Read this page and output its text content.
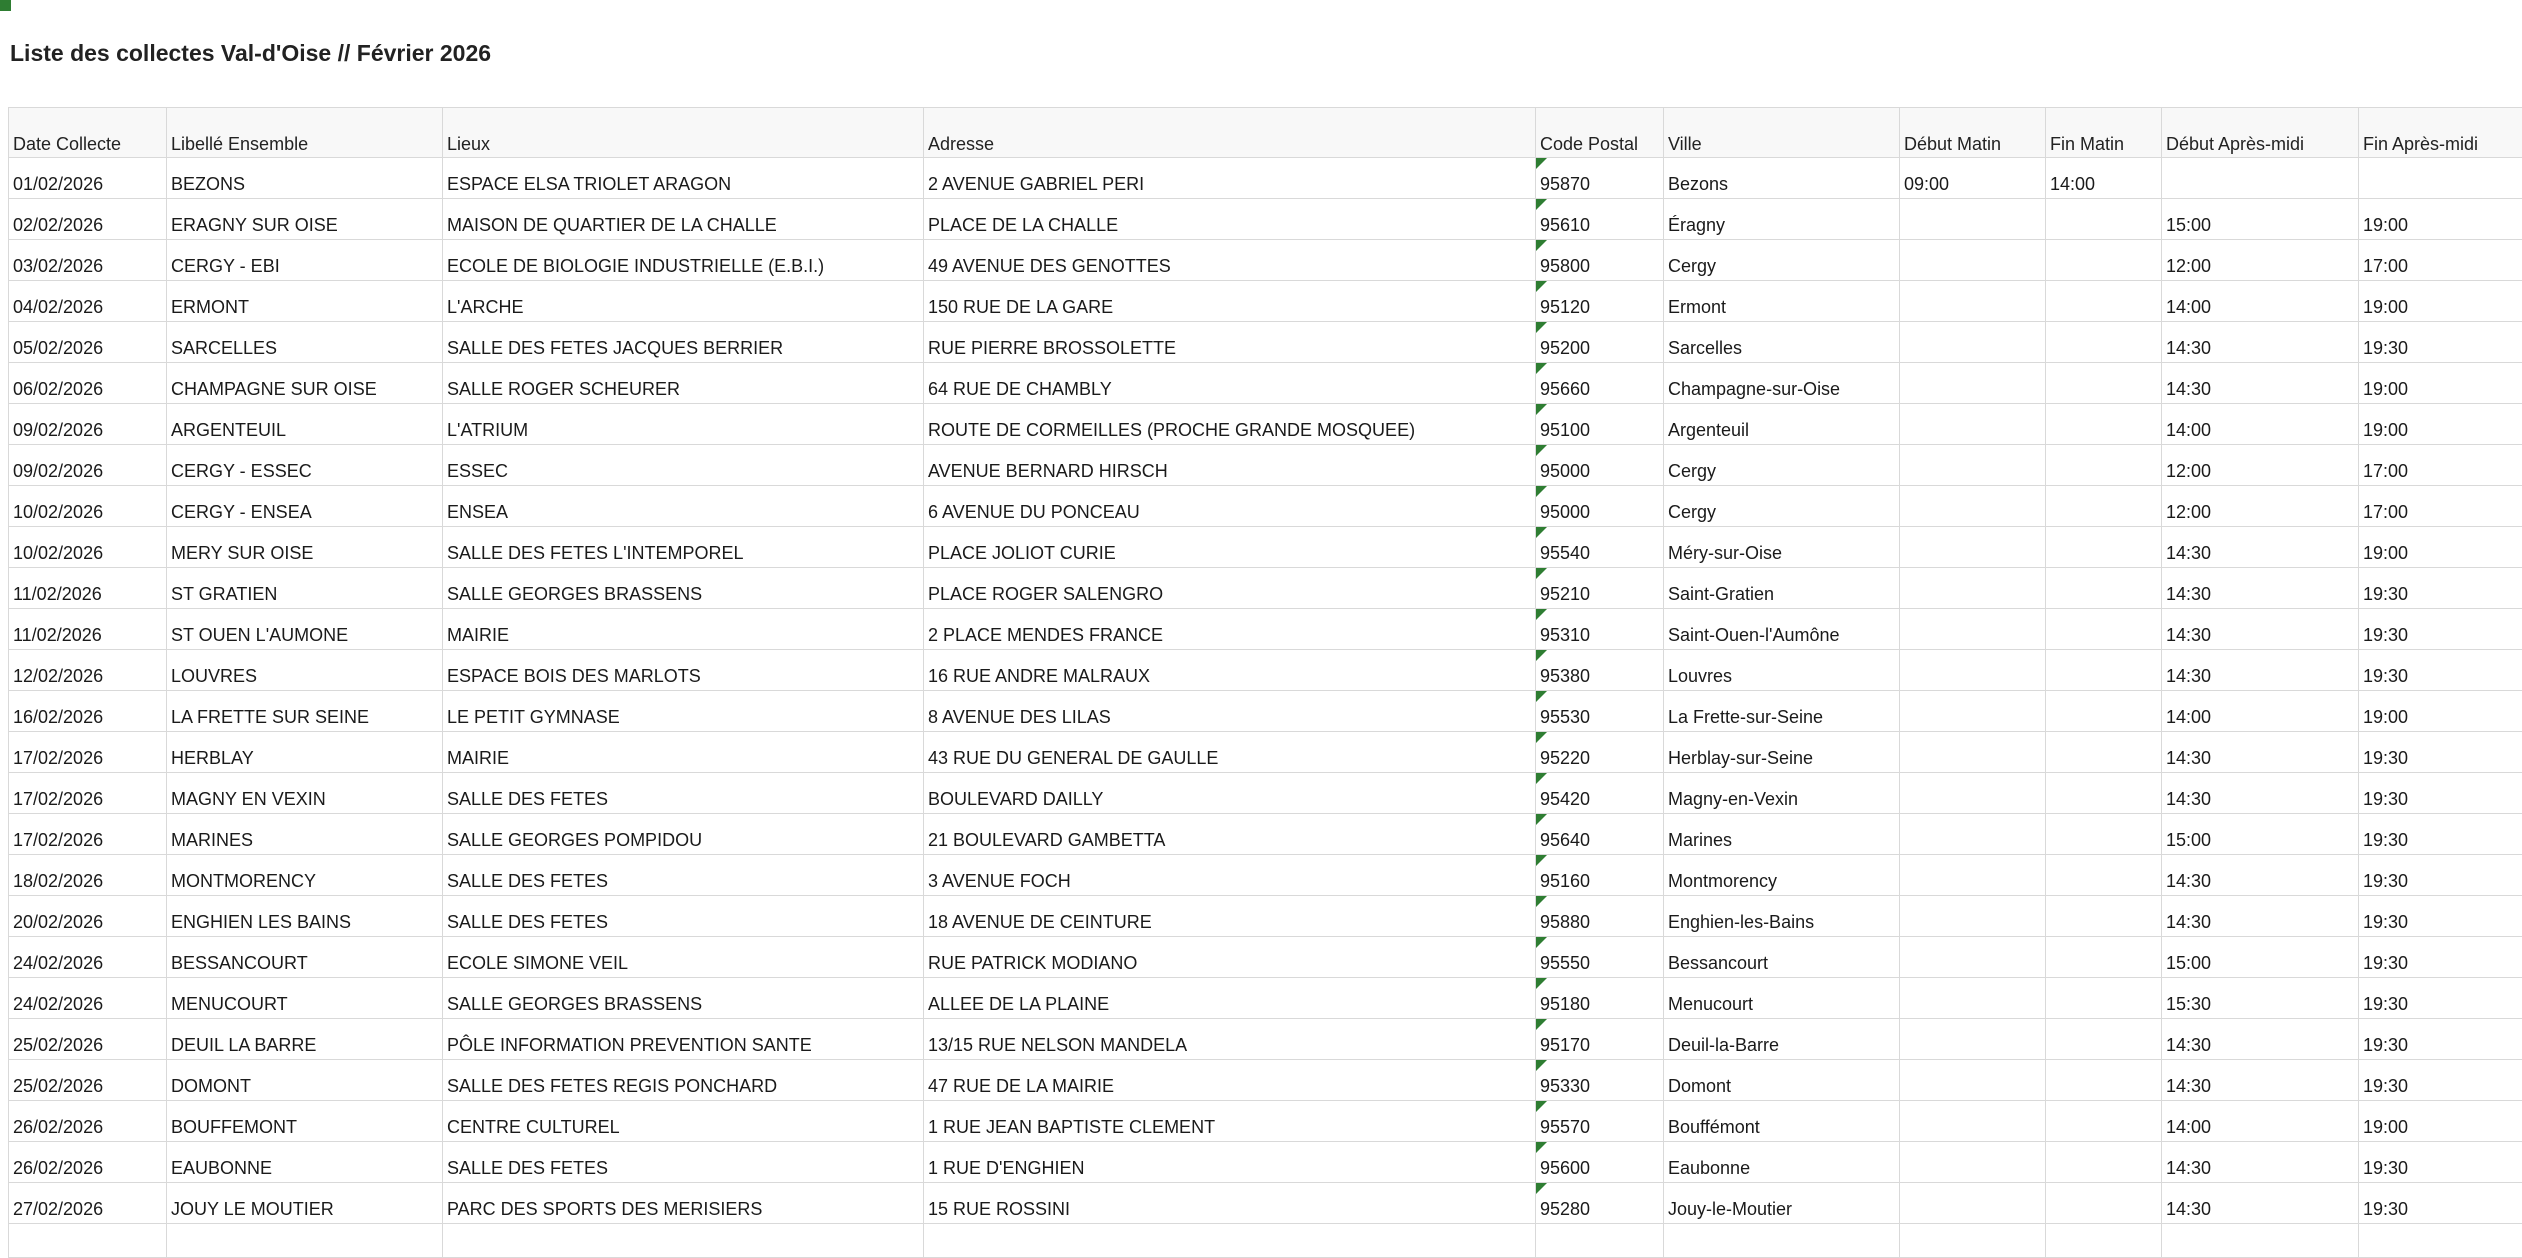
Liste des collectes Val-d'Oise // Février 2026
Date Collecte	Libellé Ensemble	Lieux	Adresse	Code Postal	Ville	Début Matin	Fin Matin	Début Après-midi	Fin Après-midi
01/02/2026	BEZONS	ESPACE ELSA TRIOLET ARAGON	2 AVENUE GABRIEL PERI	95870	Bezons	09:00	14:00		
02/02/2026	ERAGNY SUR OISE	MAISON DE QUARTIER DE LA CHALLE	PLACE DE LA CHALLE	95610	Éragny			15:00	19:00
03/02/2026	CERGY - EBI	ECOLE DE BIOLOGIE INDUSTRIELLE (E.B.I.)	49 AVENUE DES GENOTTES	95800	Cergy			12:00	17:00
04/02/2026	ERMONT	L'ARCHE	150 RUE DE LA GARE	95120	Ermont			14:00	19:00
05/02/2026	SARCELLES	SALLE DES FETES JACQUES BERRIER	RUE PIERRE BROSSOLETTE	95200	Sarcelles			14:30	19:30
06/02/2026	CHAMPAGNE SUR OISE	SALLE ROGER SCHEURER	64 RUE DE CHAMBLY	95660	Champagne-sur-Oise			14:30	19:00
09/02/2026	ARGENTEUIL	L'ATRIUM	ROUTE DE CORMEILLES (PROCHE GRANDE MOSQUEE)	95100	Argenteuil			14:00	19:00
09/02/2026	CERGY - ESSEC	ESSEC	AVENUE BERNARD HIRSCH	95000	Cergy			12:00	17:00
10/02/2026	CERGY - ENSEA	ENSEA	6 AVENUE DU PONCEAU	95000	Cergy			12:00	17:00
10/02/2026	MERY SUR OISE	SALLE DES FETES L'INTEMPOREL	PLACE JOLIOT CURIE	95540	Méry-sur-Oise			14:30	19:00
11/02/2026	ST GRATIEN	SALLE GEORGES BRASSENS	PLACE ROGER SALENGRO	95210	Saint-Gratien			14:30	19:30
11/02/2026	ST OUEN L'AUMONE	MAIRIE	2 PLACE MENDES FRANCE	95310	Saint-Ouen-l'Aumône			14:30	19:30
12/02/2026	LOUVRES	ESPACE BOIS DES MARLOTS	16 RUE ANDRE MALRAUX	95380	Louvres			14:30	19:30
16/02/2026	LA FRETTE SUR SEINE	LE PETIT GYMNASE	8 AVENUE DES LILAS	95530	La Frette-sur-Seine			14:00	19:00
17/02/2026	HERBLAY	MAIRIE	43 RUE DU GENERAL DE GAULLE	95220	Herblay-sur-Seine			14:30	19:30
17/02/2026	MAGNY EN VEXIN	SALLE DES FETES	BOULEVARD DAILLY	95420	Magny-en-Vexin			14:30	19:30
17/02/2026	MARINES	SALLE GEORGES POMPIDOU	21 BOULEVARD GAMBETTA	95640	Marines			15:00	19:30
18/02/2026	MONTMORENCY	SALLE DES FETES	3 AVENUE FOCH	95160	Montmorency			14:30	19:30
20/02/2026	ENGHIEN LES BAINS	SALLE DES FETES	18 AVENUE DE CEINTURE	95880	Enghien-les-Bains			14:30	19:30
24/02/2026	BESSANCOURT	ECOLE SIMONE VEIL	RUE PATRICK MODIANO	95550	Bessancourt			15:00	19:30
24/02/2026	MENUCOURT	SALLE GEORGES BRASSENS	ALLEE DE LA PLAINE	95180	Menucourt			15:30	19:30
25/02/2026	DEUIL LA BARRE	PÔLE INFORMATION PREVENTION SANTE	13/15 RUE NELSON MANDELA	95170	Deuil-la-Barre			14:30	19:30
25/02/2026	DOMONT	SALLE DES FETES REGIS PONCHARD	47 RUE DE LA MAIRIE	95330	Domont			14:30	19:30
26/02/2026	BOUFFEMONT	CENTRE CULTUREL	1 RUE JEAN BAPTISTE CLEMENT	95570	Bouffémont			14:00	19:00
26/02/2026	EAUBONNE	SALLE DES FETES	1 RUE D'ENGHIEN	95600	Eaubonne			14:30	19:30
27/02/2026	JOUY LE MOUTIER	PARC DES SPORTS DES MERISIERS	15 RUE ROSSINI	95280	Jouy-le-Moutier			14:30	19:30
